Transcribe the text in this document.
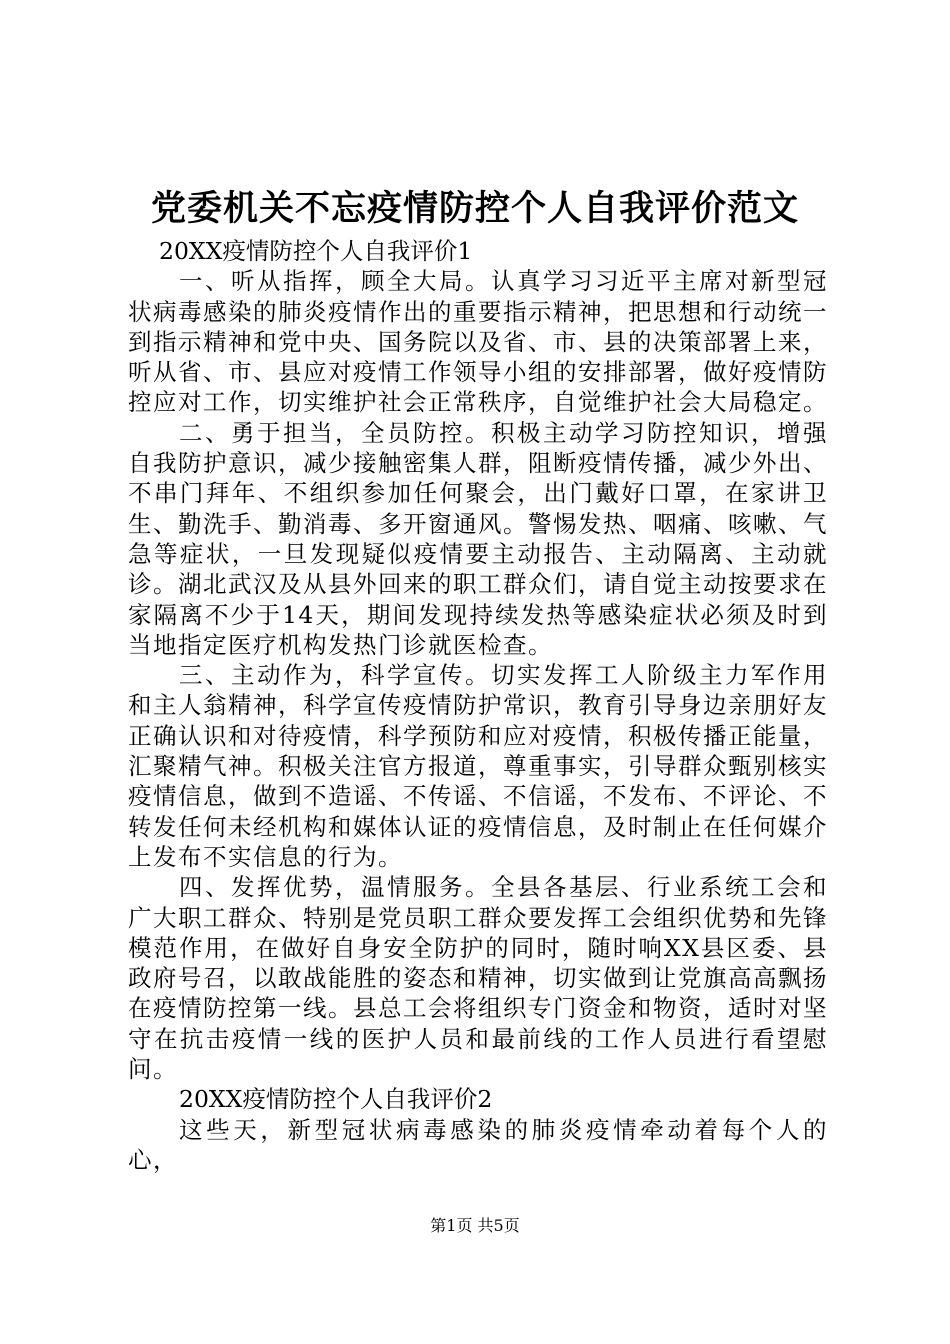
党委机关不忘疫情防控个人自我评价范文

20XX疫情防控个人自我评价1

一、听从指挥，顾全大局。认真学习习近平主席对新型冠状病毒感染的肺炎疫情作出的重要指示精神，把思想和行动统一到指示精神和党中央、国务院以及省、市、县的决策部署上来，听从省、市、县应对疫情工作领导小组的安排部署，做好疫情防控应对工作，切实维护社会正常秩序，自觉维护社会大局稳定。

二、勇于担当，全员防控。积极主动学习防控知识，增强自我防护意识，减少接触密集人群，阻断疫情传播，减少外出、不串门拜年、不组织参加任何聚会，出门戴好口罩，在家讲卫生、勤洗手、勤消毒、多开窗通风。警惕发热、咽痛、咳嗽、气急等症状，一旦发现疑似疫情要主动报告、主动隔离、主动就诊。湖北武汉及从县外回来的职工群众们，请自觉主动按要求在家隔离不少于14天，期间发现持续发热等感染症状必须及时到当地指定医疗机构发热门诊就医检查。

三、主动作为，科学宣传。切实发挥工人阶级主力军作用和主人翁精神，科学宣传疫情防护常识，教育引导身边亲朋好友正确认识和对待疫情，科学预防和应对疫情，积极传播正能量，汇聚精气神。积极关注官方报道，尊重事实，引导群众甄别核实疫情信息，做到不造谣、不传谣、不信谣，不发布、不评论、不转发任何未经机构和媒体认证的疫情信息，及时制止在任何媒介上发布不实信息的行为。

四、发挥优势，温情服务。全县各基层、行业系统工会和广大职工群众、特别是党员职工群众要发挥工会组织优势和先锋模范作用，在做好自身安全防护的同时，随时响XX县区委、县政府号召，以敢战能胜的姿态和精神，切实做到让党旗高高飘扬在疫情防控第一线。县总工会将组织专门资金和物资，适时对坚守在抗击疫情一线的医护人员和最前线的工作人员进行看望慰问。

20XX疫情防控个人自我评价2

这些天，新型冠状病毒感染的肺炎疫情牵动着每个人的心，

第1页 共5页
